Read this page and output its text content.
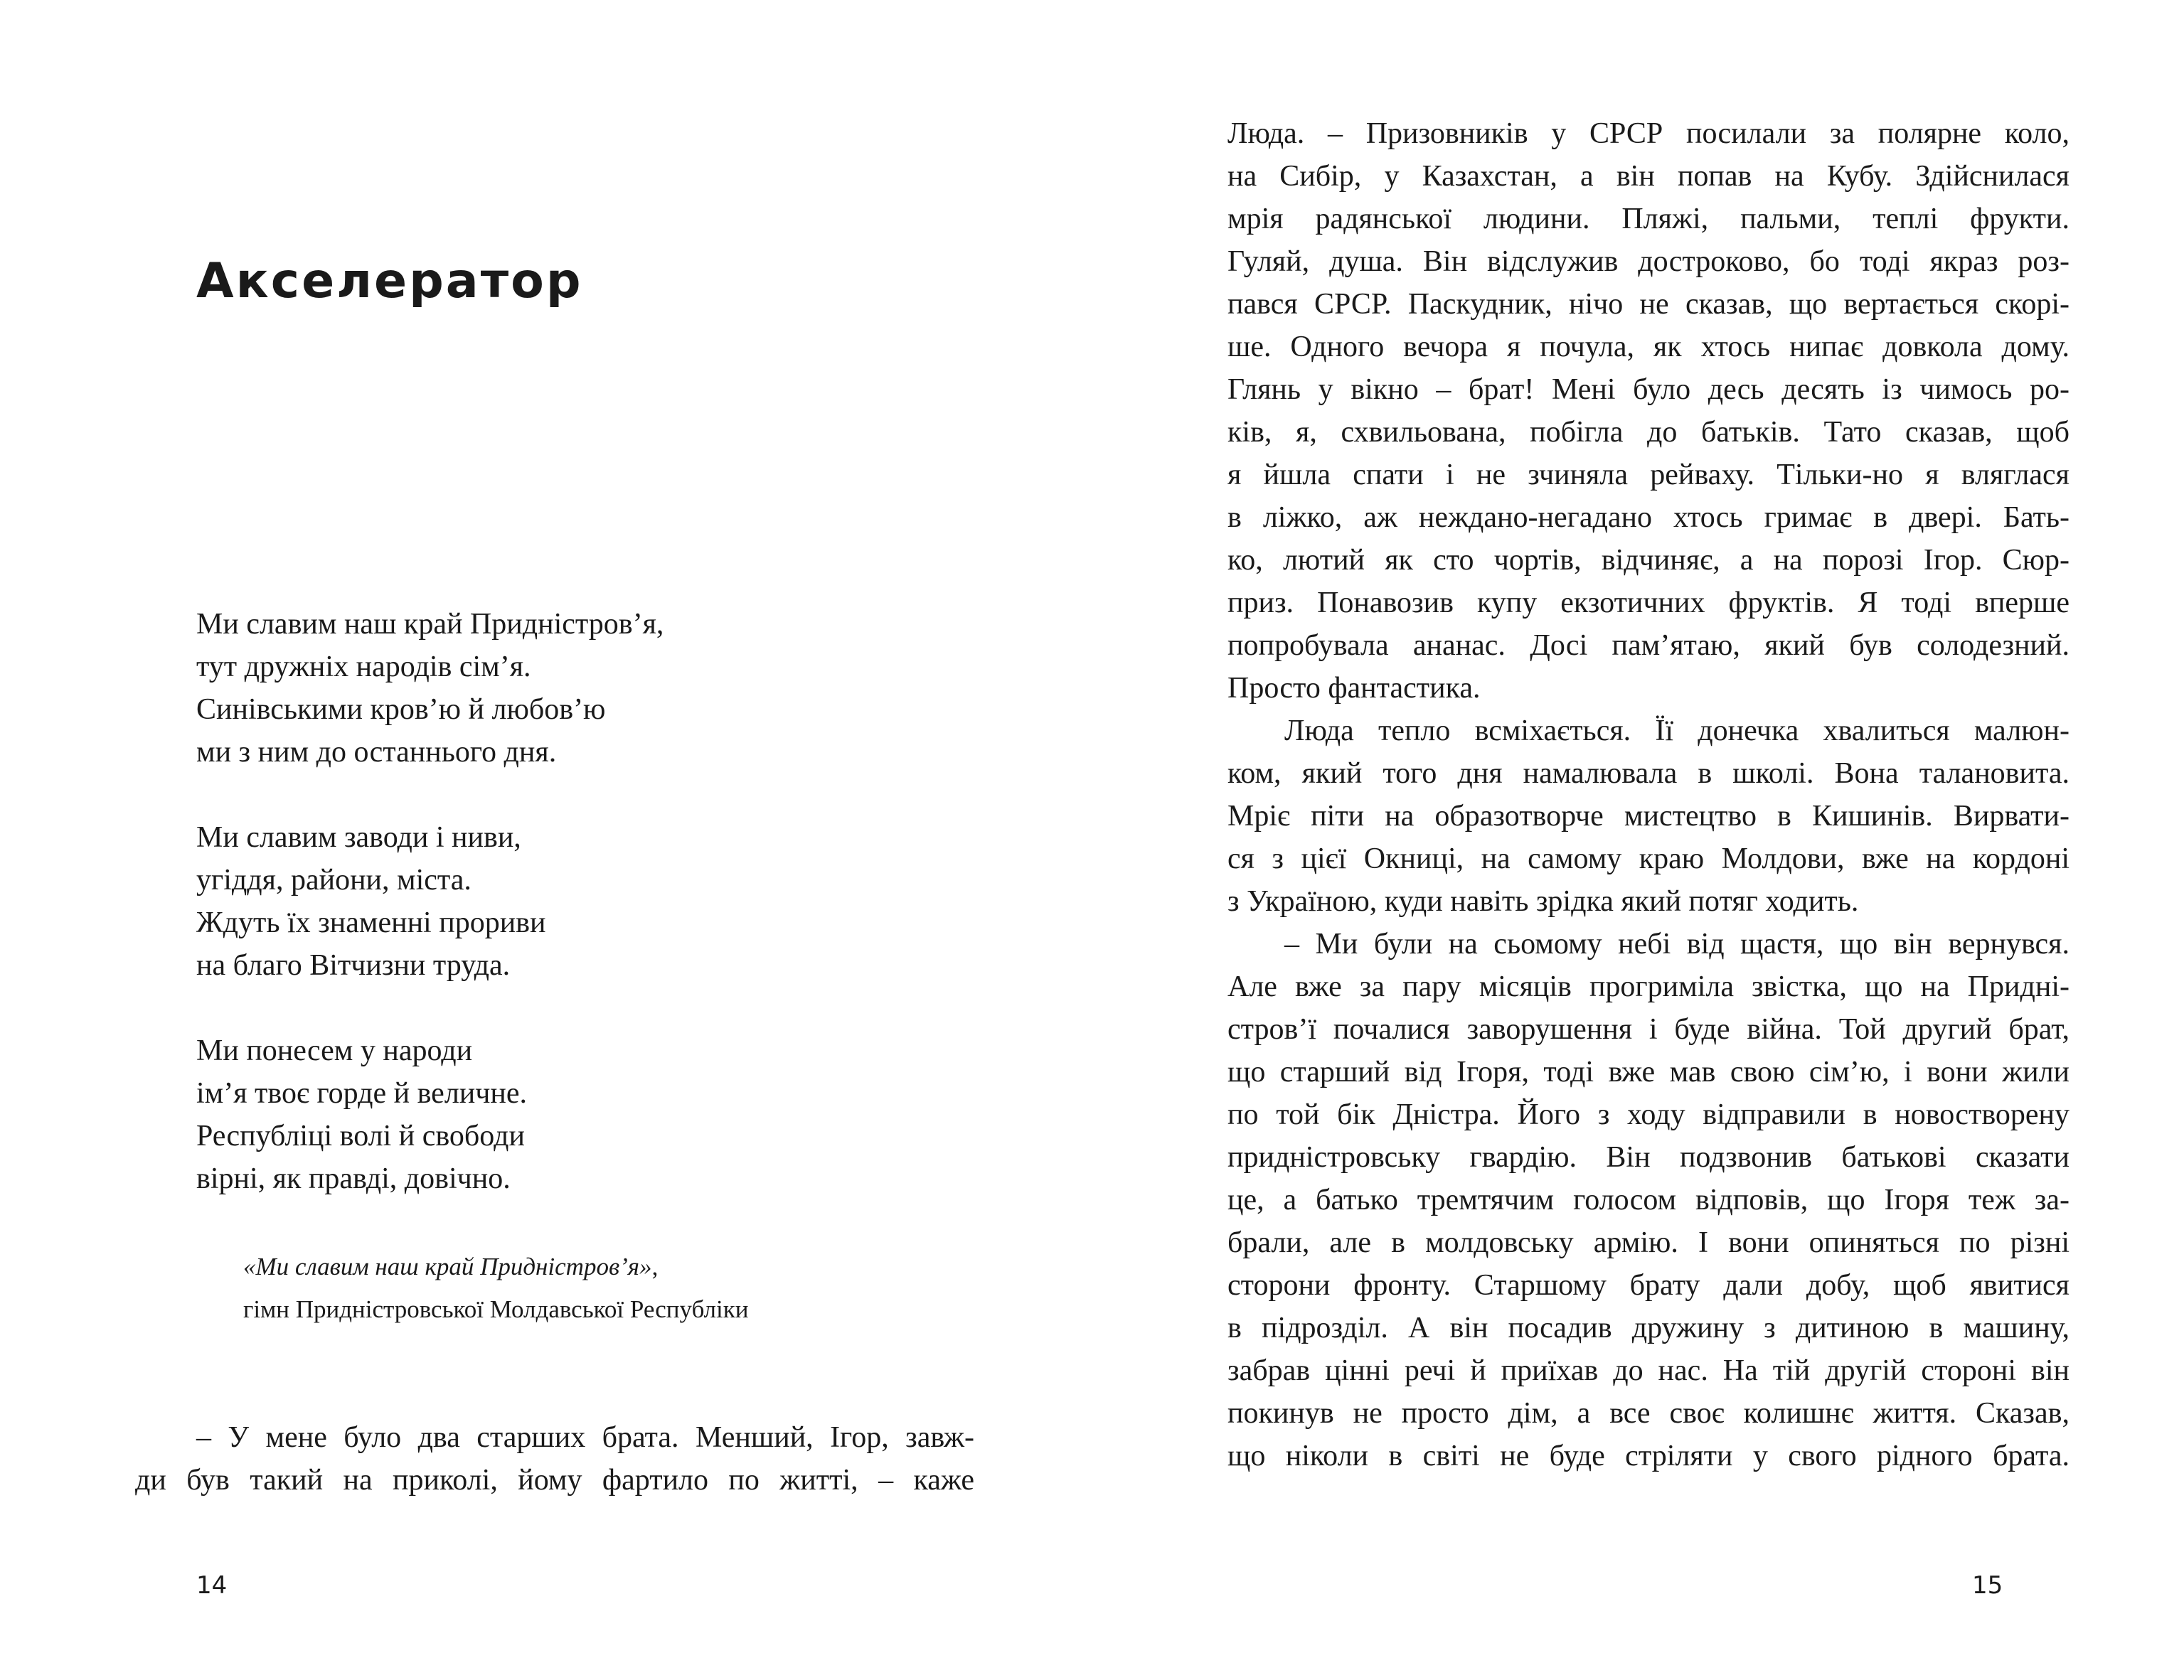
Акселератор
Ми славим наш край Придністров’я,
тут дружніх народів сім’я.
Синівськими кров’ю й любов’ю
ми з ним до останнього дня.
Ми славим заводи і ниви,
угіддя, райони, міста.
Ждуть їх знаменні прориви
на благо Вітчизни труда.
Ми понесем у народи
ім’я твоє горде й величне.
Республіці волі й свободи
вірні, як правді, довічно.
«Ми славим наш край Придністров’я»,
гімн Придністровської Молдавської Республіки
– У мене було два старших брата. Менший, Ігор, завж-
ди був такий на приколі, йому фартило по житті, – каже
14
Люда. – Призовників у СРСР посилали за полярне коло,
на Сибір, у Казахстан, а він попав на Кубу. Здійснилася
мрія радянської людини. Пляжі, пальми, теплі фрукти.
Гуляй, душа. Він відслужив достроково, бо тоді якраз роз-
пався СРСР. Паскудник, нічо не сказав, що вертається скорі-
ше. Одного вечора я почула, як хтось нипає довкола дому.
Глянь у вікно – брат! Мені було десь десять із чимось ро-
ків, я, схвильована, побігла до батьків. Тато сказав, щоб
я йшла спати і не зчиняла рейваху. Тільки-но я вляглася
в ліжко, аж неждано-негадано хтось гримає в двері. Бать-
ко, лютий як сто чортів, відчиняє, а на порозі Ігор. Сюр-
приз. Понавозив купу екзотичних фруктів. Я тоді вперше
попробувала ананас. Досі пам’ятаю, який був солодезний.
Просто фантастика.
Люда тепло всміхається. Її донечка хвалиться малюн-
ком, який того дня намалювала в школі. Вона талановита.
Мріє піти на образотворче мистецтво в Кишинів. Вирвати-
ся з цієї Окниці, на самому краю Молдови, вже на кордоні
з Україною, куди навіть зрідка який потяг ходить.
– Ми були на сьомому небі від щастя, що він вернувся.
Але вже за пару місяців прогриміла звістка, що на Придні-
стров’ї почалися заворушення і буде війна. Той другий брат,
що старший від Ігоря, тоді вже мав свою сім’ю, і вони жили
по той бік Дністра. Його з ходу відправили в новостворену
придністровську гвардію. Він подзвонив батькові сказати
це, а батько тремтячим голосом відповів, що Ігоря теж за-
брали, але в молдовську армію. І вони опиняться по різні
сторони фронту. Старшому брату дали добу, щоб явитися
в підрозділ. А він посадив дружину з дитиною в машину,
забрав цінні речі й приїхав до нас. На тій другій стороні він
покинув не просто дім, а все своє колишнє життя. Сказав,
що ніколи в світі не буде стріляти у свого рідного брата.
15
